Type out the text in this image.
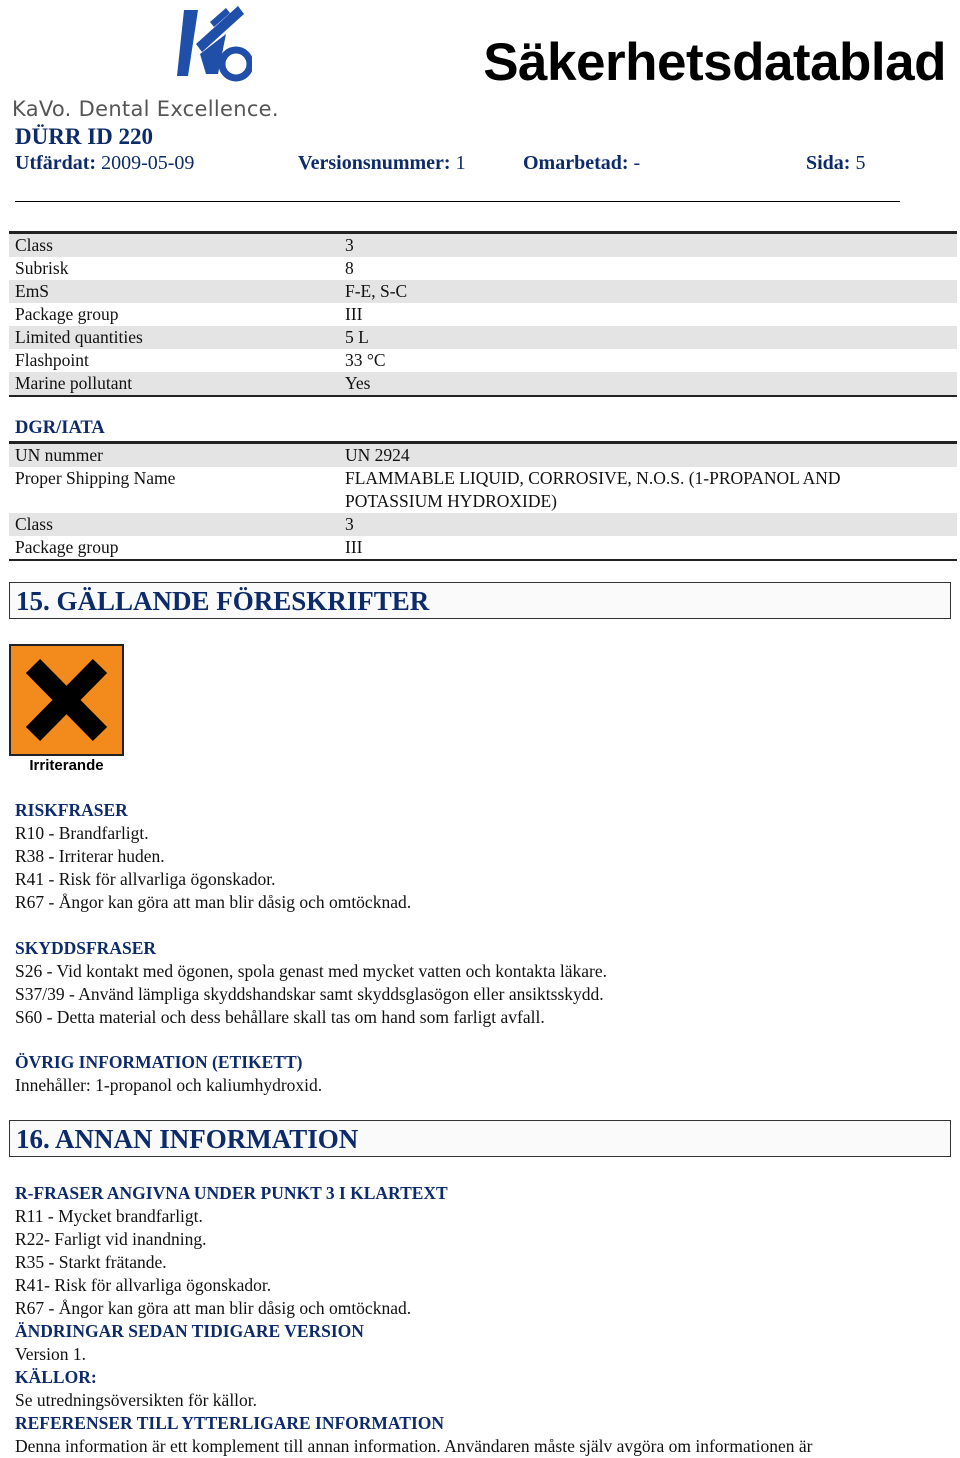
KaVo. Dental Excellence.
Säkerhetsdatablad
DÜRR ID 220
Utfärdat: 2009-05-09	Versionsnummer: 1	Omarbetad: -	Sida: 5
Class	3
Subrisk	8
EmS	F-E, S-C
Package group	III
Limited quantities	5 L
Flashpoint	33 °C
Marine pollutant	Yes
DGR/IATA
UN nummer	UN 2924
Proper Shipping Name	FLAMMABLE LIQUID, CORROSIVE, N.O.S. (1-PROPANOL AND POTASSIUM HYDROXIDE)
Class	3
Package group	III
15. GÄLLANDE FÖRESKRIFTER
Irriterande
RISKFRASER
R10 - Brandfarligt.
R38 - Irriterar huden.
R41 - Risk för allvarliga ögonskador.
R67 - Ångor kan göra att man blir dåsig och omtöcknad.
SKYDDSFRASER
S26 - Vid kontakt med ögonen, spola genast med mycket vatten och kontakta läkare.
S37/39 - Använd lämpliga skyddshandskar samt skyddsglasögon eller ansiktsskydd.
S60 - Detta material och dess behållare skall tas om hand som farligt avfall.
ÖVRIG INFORMATION (ETIKETT)
Innehåller: 1-propanol och kaliumhydroxid.
16. ANNAN INFORMATION
R-FRASER ANGIVNA UNDER PUNKT 3 I KLARTEXT
R11 - Mycket brandfarligt.
R22- Farligt vid inandning.
R35 - Starkt frätande.
R41- Risk för allvarliga ögonskador.
R67 - Ångor kan göra att man blir dåsig och omtöcknad.
ÄNDRINGAR SEDAN TIDIGARE VERSION
Version 1.
KÄLLOR:
Se utredningsöversikten för källor.
REFERENSER TILL YTTERLIGARE INFORMATION
Denna information är ett komplement till annan information. Användaren måste själv avgöra om informationen är
